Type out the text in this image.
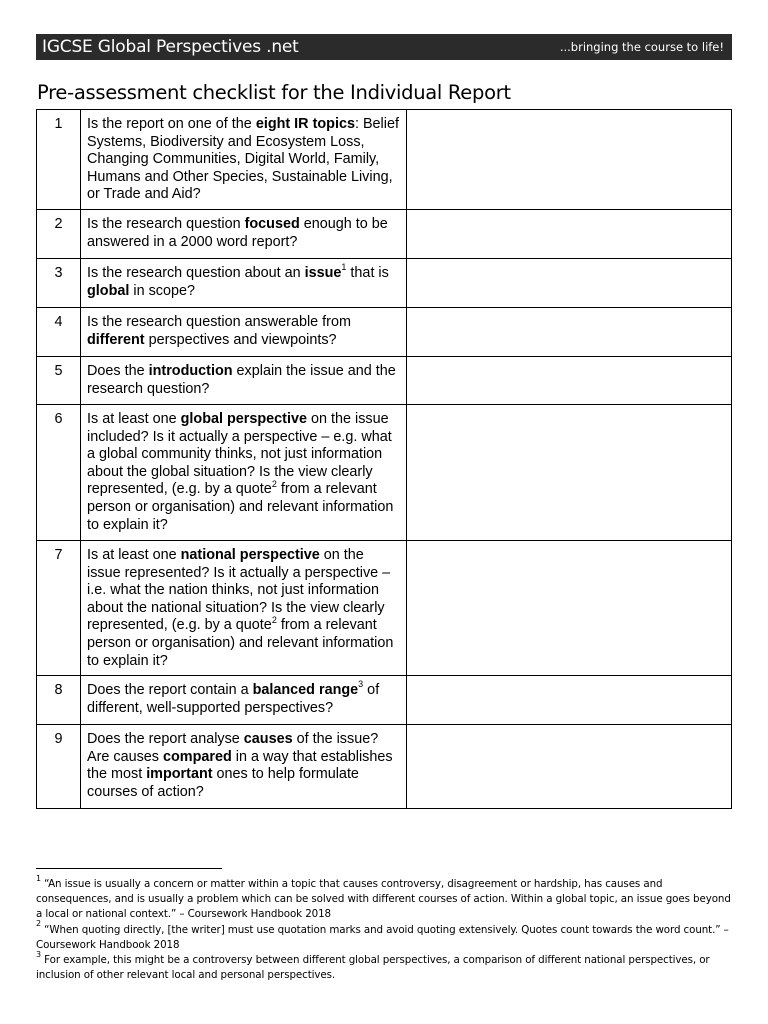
IGCSE Global Perspectives .net	...bringing the course to life!
Pre-assessment checklist for the Individual Report
1	Is the report on one of the eight IR topics: Belief Systems, Biodiversity and Ecosystem Loss, Changing Communities, Digital World, Family, Humans and Other Species, Sustainable Living, or Trade and Aid?	

2	Is the research question focused enough to be answered in a 2000 word report?	

3	Is the research question about an issue$^1$ that is global in scope?	

4	Is the research question answerable from different perspectives and viewpoints?	

5	Does the introduction explain the issue and the research question?	

6	Is at least one global perspective on the issue included? Is it actually a perspective – e.g. what a global community thinks, not just information about the global situation? Is the view clearly represented, (e.g. by a quote$^2$ from a relevant person or organisation) and relevant information to explain it?	

7	Is at least one national perspective on the issue represented? Is it actually a perspective – i.e. what the nation thinks, not just information about the national situation? Is the view clearly represented, (e.g. by a quote$^2$ from a relevant person or organisation) and relevant information to explain it?	

8	Does the report contain a balanced range$^3$ of different, well-supported perspectives?	

9	Does the report analyse causes of the issue? Are causes compared in a way that establishes the most important ones to help formulate courses of action?	

$^1$ “An issue is usually a concern or matter within a topic that causes controversy, disagreement or hardship, has causes and consequences, and is usually a problem which can be solved with different courses of action. Within a global topic, an issue goes beyond a local or national context.” – Coursework Handbook 2018

$^2$ “When quoting directly, [the writer] must use quotation marks and avoid quoting extensively. Quotes count towards the word count.” – Coursework Handbook 2018

$^3$ For example, this might be a controversy between different global perspectives, a comparison of different national perspectives, or inclusion of other relevant local and personal perspectives.
